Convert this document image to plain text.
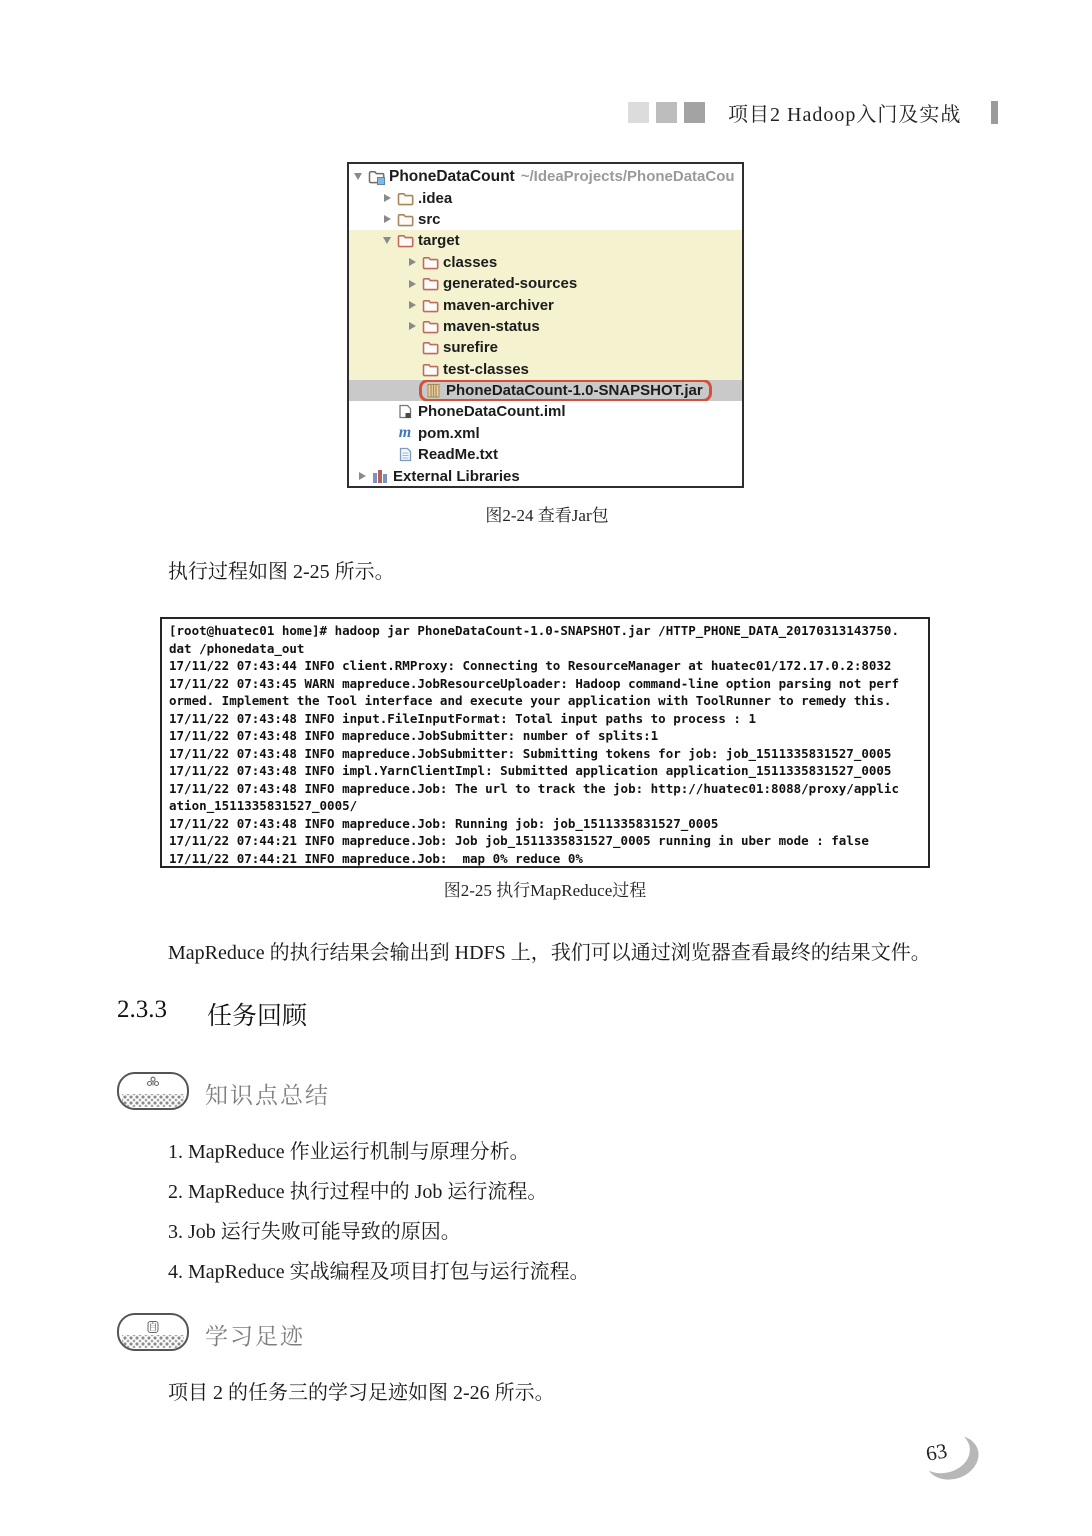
项目2 Hadoop入门及实战
PhoneDataCount ~/IdeaProjects/PhoneDataCou
.idea
src
target
classes
generated-sources
maven-archiver
maven-status
surefire
test-classes
PhoneDataCount-1.0-SNAPSHOT.jar
PhoneDataCount.iml
m pom.xml
ReadMe.txt
External Libraries
图2-24 查看Jar包
执行过程如图 2-25 所示。
[root@huatec01 home]# hadoop jar PhoneDataCount-1.0-SNAPSHOT.jar /HTTP_PHONE_DATA_20170313143750.
dat /phonedata_out
17/11/22 07:43:44 INFO client.RMProxy: Connecting to ResourceManager at huatec01/172.17.0.2:8032
17/11/22 07:43:45 WARN mapreduce.JobResourceUploader: Hadoop command-line option parsing not perf
ormed. Implement the Tool interface and execute your application with ToolRunner to remedy this.
17/11/22 07:43:48 INFO input.FileInputFormat: Total input paths to process : 1
17/11/22 07:43:48 INFO mapreduce.JobSubmitter: number of splits:1
17/11/22 07:43:48 INFO mapreduce.JobSubmitter: Submitting tokens for job: job_1511335831527_0005
17/11/22 07:43:48 INFO impl.YarnClientImpl: Submitted application application_1511335831527_0005
17/11/22 07:43:48 INFO mapreduce.Job: The url to track the job: http://huatec01:8088/proxy/applic
ation_1511335831527_0005/
17/11/22 07:43:48 INFO mapreduce.Job: Running job: job_1511335831527_0005
17/11/22 07:44:21 INFO mapreduce.Job: Job job_1511335831527_0005 running in uber mode : false
17/11/22 07:44:21 INFO mapreduce.Job:  map 0% reduce 0%
图2-25 执行MapReduce过程
MapReduce 的执行结果会输出到 HDFS 上，我们可以通过浏览器查看最终的结果文件。
2.3.3 任务回顾
知识点总结
1. MapReduce 作业运行机制与原理分析。
2. MapReduce 执行过程中的 Job 运行流程。
3. Job 运行失败可能导致的原因。
4. MapReduce 实战编程及项目打包与运行流程。
自 学习足迹
项目 2 的任务三的学习足迹如图 2-26 所示。
63
